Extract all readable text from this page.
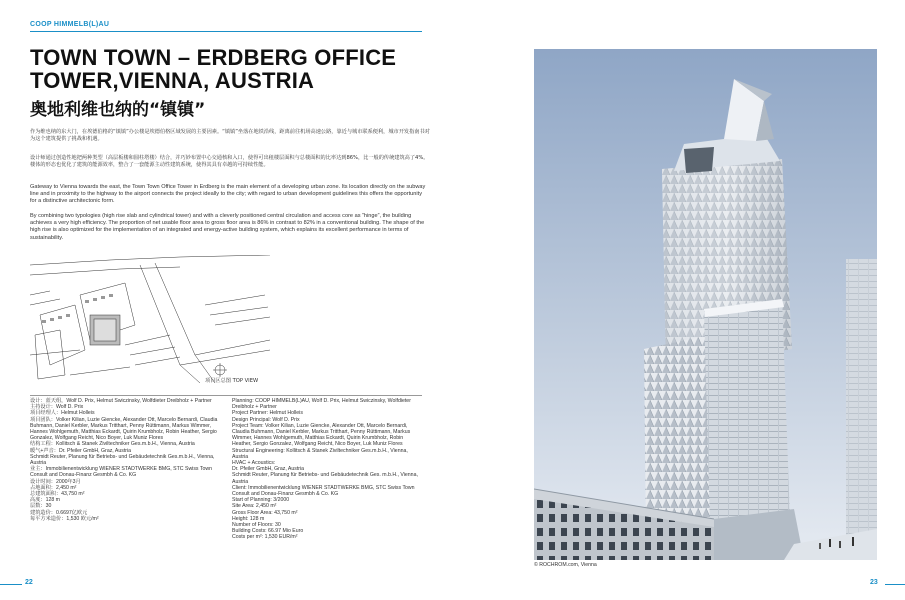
COOP HIMMELB(L)AU
TOWN TOWN – ERDBERG OFFICE TOWER,VIENNA, AUSTRIA
奥地利维也纳的“镇镇”
作为维也纳的东大门，在埃德伯格的“镇镇”办公楼是埃德伯格区域发展的主要因素。“镇镇”坐落在地铁沿线，距离前往机场高速公路，靠近与城市联系便利，城市开发指南书对为这个建筑提供了挑战和机遇。
设计师通过创造性地把两种类型（高层板楼和圆柱塔楼）结合，并巧妙布置中心交通核和入口，使得可出租楼层面积与总楼面积的比率达到86%，比一般的传统建筑高了4%。楼体的形态也优化了建筑的能源效率，整合了一套能源主动性建筑系统，使得其具有卓越的可持续性能。
Gateway to Vienna towards the east, the Town Town Office Tower in Erdberg is the main element of a developing urban zone. Its location directly on the subway line and in proximity to the highway to the airport connects the project ideally to the city; with regard to urban development guidelines this offers the opportunity for a distinctive architectonic form.
By combining two typologies (high rise slab and cylindrical tower) and with a cleverly positioned central circulation and access core as “hinge”, the building achieves a very high efficiency. The proportion of net usable floor area to gross floor area is 86% in contrast to 82% in a conventional building. The shape of the high rise is also optimized for the implementation of an integrated and energy-active building system, which explains its excellent performance in terms of sustainability.
项目区总图 TOP VIEW
设计：蓝天组，Wolf D. Prix, Helmut Swiczinsky, Wolfdieter Dreibholz + Partner
主持设计：Wolf D. Prix
项目经理人：Helmut Holleis
项目团队：Volker Kilian, Luzie Giencke, Alexander Ott, Marcelo Bernardi, Claudia Buhmann, Daniel Kerbler, Markus Tritthart, Penny Rüttimann, Markus Wimmer, Hannes Wohlgemuth, Matthias Eckardt, Quirin Krumbholz, Robin Heather, Sergio Gonzalez, Wolfgang Reicht, Nico Boyer, Luk Muniz Flores
结构工程：Kollitsch & Stanek Ziviltechniker Ges.m.b.H., Vienna, Austria
暖气+声音：Dr. Pfeiler GmbH, Graz, Austria
Schmidt Reuter, Planung für Betriebs- und Gebäudetechnik Ges.m.b.H., Vienna, Austria
业主：Immobilienentwicklung WIENER STADTWERKE BMG, STC Swiss Town Consult and Donau-Finanz Gesmbh & Co. KG
设计时间：2000年3月
占地面积：2,450 m²
总建筑面积：43,750 m²
高度：128 m
层数：30
建筑造价：0.6697亿欧元
每平方米造价：1,530 欧元/m²
Planning: COOP HIMMELB(L)AU, Wolf D. Prix, Helmut Swiczinsky, Wolfdieter Dreibholz + Partner
Project Partner: Helmut Holleis
Design Principal: Wolf D. Prix
Project Team: Volker Kilian, Luzie Giencke, Alexander Ott, Marcelo Bernardi, Claudia Buhmann, Daniel Kerbler, Markus Tritthart, Penny Rüttimann, Markus Wimmer, Hannes Wohlgemuth, Matthias Eckardt, Quirin Krumbholz, Robin Heather, Sergio Gonzalez, Wolfgang Reicht, Nico Boyer, Luk Muniz Flores
Structural Engineering: Kollitsch & Stanek Ziviltechniker Ges.m.b.H., Vienna, Austria
HVAC + Acoustics:
Dr. Pfeiler GmbH, Graz, Austria
Schmidt Reuter, Planung für Betriebs- und Gebäudetechnik Ges. m.b.H., Vienna, Austria
Client: Immobilienentwicklung WIENER STADTWERKE BMG, STC Swiss Town Consult and Donau-Finanz Gesmbh & Co. KG
Start of Planning: 3/2000
Site Area: 2,450 m²
Gross Floor Area: 43,750 m²
Height: 128 m
Number of Floors: 30
Building Costs: 66.97 Mio Euro
Costs per m²: 1,530 EUR/m²
22
© ROCHROM.com, Vienna
23
